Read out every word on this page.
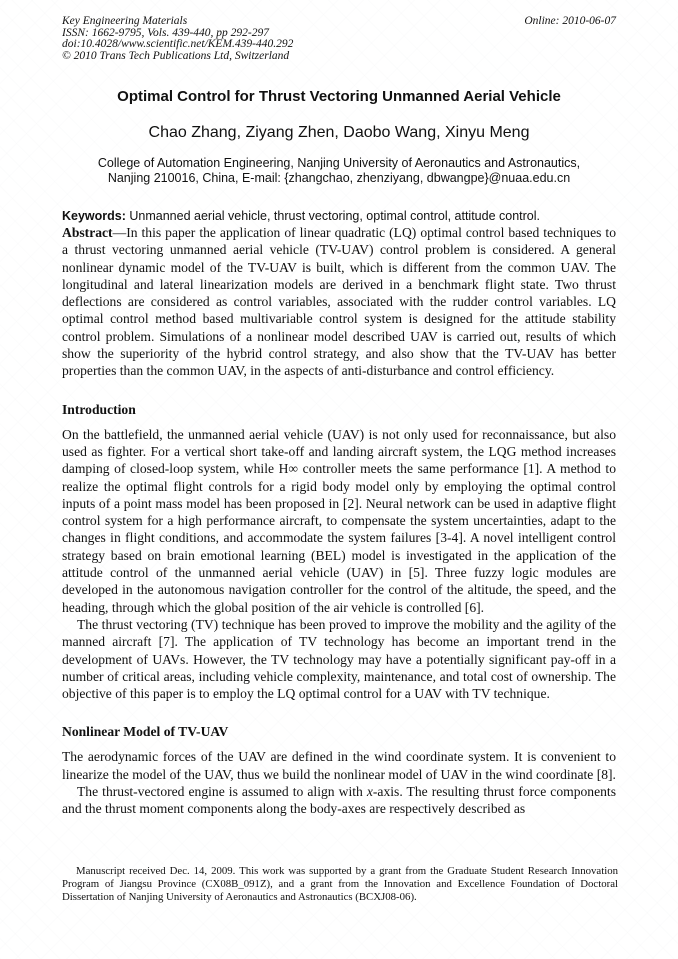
Key Engineering Materials
ISSN: 1662-9795, Vols. 439-440, pp 292-297
doi:10.4028/www.scientific.net/KEM.439-440.292
© 2010 Trans Tech Publications Ltd, Switzerland
Online: 2010-06-07
Optimal Control for Thrust Vectoring Unmanned Aerial Vehicle
Chao Zhang, Ziyang Zhen, Daobo Wang, Xinyu Meng
College of Automation Engineering, Nanjing University of Aeronautics and Astronautics,
Nanjing 210016, China, E-mail: {zhangchao, zhenziyang, dbwangpe}@nuaa.edu.cn
Keywords: Unmanned aerial vehicle, thrust vectoring, optimal control, attitude control.

Abstract—In this paper the application of linear quadratic (LQ) optimal control based techniques to a thrust vectoring unmanned aerial vehicle (TV-UAV) control problem is considered. A general nonlinear dynamic model of the TV-UAV is built, which is different from the common UAV. The longitudinal and lateral linearization models are derived in a benchmark flight state. Two thrust deflections are considered as control variables, associated with the rudder control variables. LQ optimal control method based multivariable control system is designed for the attitude stability control problem. Simulations of a nonlinear model described UAV is carried out, results of which show the superiority of the hybrid control strategy, and also show that the TV-UAV has better properties than the common UAV, in the aspects of anti-disturbance and control efficiency.

Introduction

On the battlefield, the unmanned aerial vehicle (UAV) is not only used for reconnaissance, but also used as fighter. For a vertical short take-off and landing aircraft system, the LQG method increases damping of closed-loop system, while H∞ controller meets the same performance [1]. A method to realize the optimal flight controls for a rigid body model only by employing the optimal control inputs of a point mass model has been proposed in [2]. Neural network can be used in adaptive flight control system for a high performance aircraft, to compensate the system uncertainties, adapt to the changes in flight conditions, and accommodate the system failures [3-4]. A novel intelligent control strategy based on brain emotional learning (BEL) model is investigated in the application of the attitude control of the unmanned aerial vehicle (UAV) in [5]. Three fuzzy logic modules are developed in the autonomous navigation controller for the control of the altitude, the speed, and the heading, through which the global position of the air vehicle is controlled [6].

The thrust vectoring (TV) technique has been proved to improve the mobility and the agility of the manned aircraft [7]. The application of TV technology has become an important trend in the development of UAVs. However, the TV technology may have a potentially significant pay-off in a number of critical areas, including vehicle complexity, maintenance, and total cost of ownership. The objective of this paper is to employ the LQ optimal control for a UAV with TV technique.

Nonlinear Model of TV-UAV

The aerodynamic forces of the UAV are defined in the wind coordinate system. It is convenient to linearize the model of the UAV, thus we build the nonlinear model of UAV in the wind coordinate [8].

The thrust-vectored engine is assumed to align with x-axis. The resulting thrust force components and the thrust moment components along the body-axes are respectively described as

Manuscript received Dec. 14, 2009. This work was supported by a grant from the Graduate Student Research Innovation Program of Jiangsu Province (CX08B_091Z), and a grant from the Innovation and Excellence Foundation of Doctoral Dissertation of Nanjing University of Aeronautics and Astronautics (BCXJ08-06).
